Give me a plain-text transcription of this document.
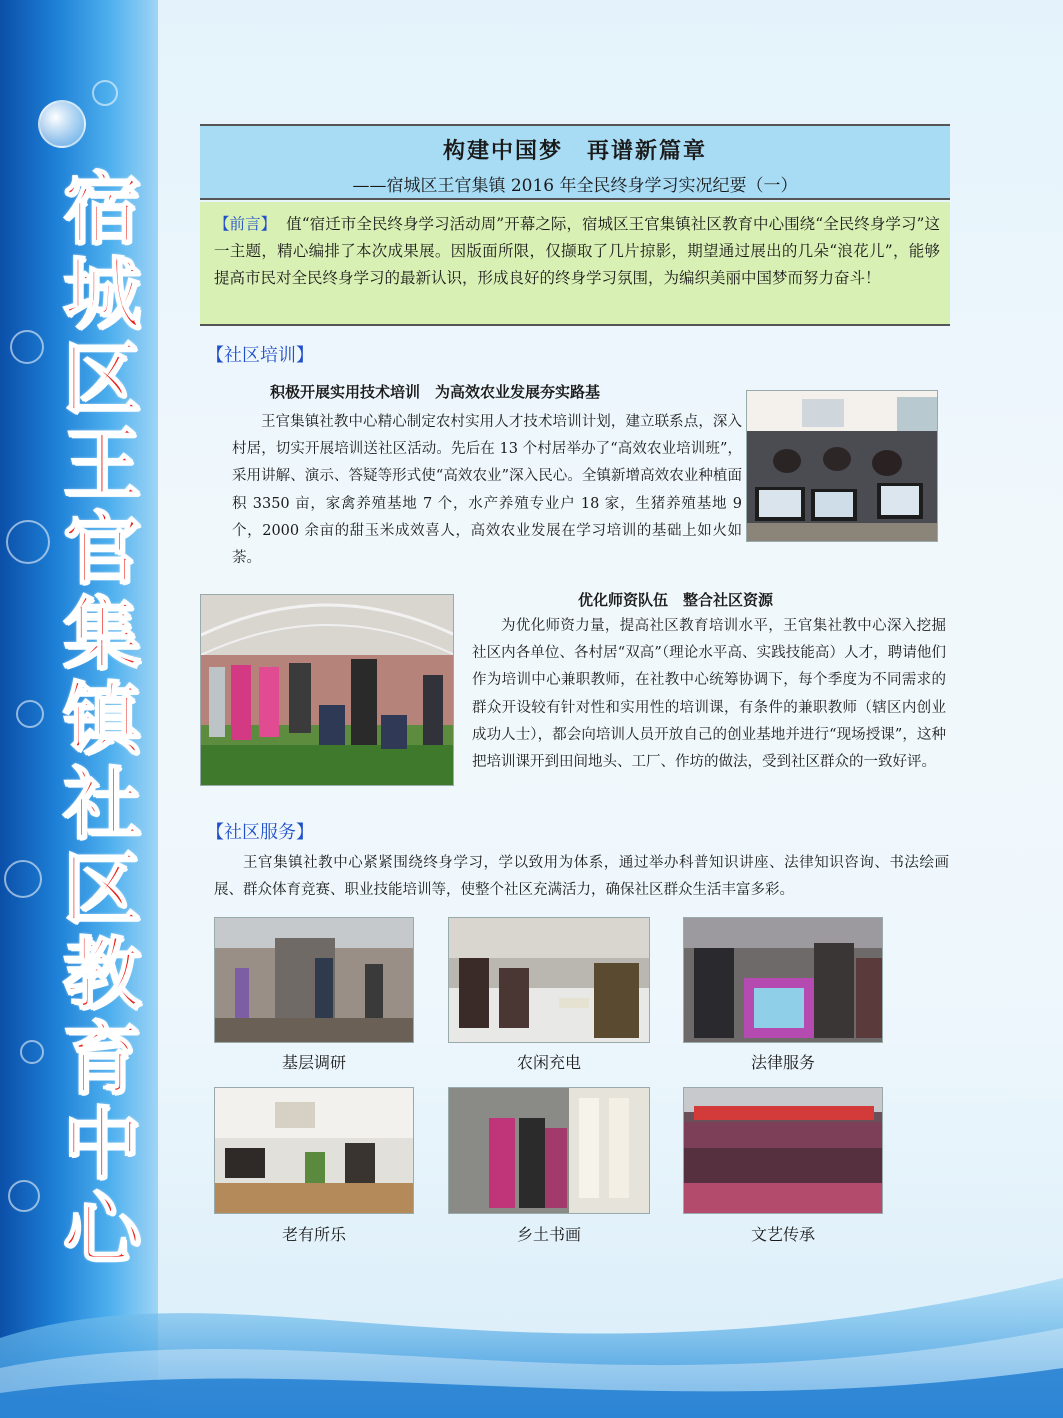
宿
城
区
王
官
集
镇
社
区
教
育
中
心
构建中国梦　再谱新篇章
——宿城区王官集镇 2016 年全民终身学习实况纪要（一）
【前言】 值“宿迁市全民终身学习活动周”开幕之际，宿城区王官集镇社区教育中心围绕“全民终身学习”这一主题，精心编排了本次成果展。因版面所限，仅撷取了几片掠影，期望通过展出的几朵“浪花儿”，能够提高市民对全民终身学习的最新认识，形成良好的终身学习氛围，为编织美丽中国梦而努力奋斗！
【社区培训】
积极开展实用技术培训　为高效农业发展夯实路基

王官集镇社教中心精心制定农村实用人才技术培训计划，建立联系点，深入村居，切实开展培训送社区活动。先后在 13 个村居举办了“高效农业培训班”，采用讲解、演示、答疑等形式使“高效农业”深入民心。全镇新增高效农业种植面积 3350 亩，家禽养殖基地 7 个，水产养殖专业户 18 家，生猪养殖基地 9 个，2000 余亩的甜玉米成效喜人，高效农业发展在学习培训的基础上如火如荼。

优化师资队伍　整合社区资源

为优化师资力量，提高社区教育培训水平，王官集社教中心深入挖掘社区内各单位、各村居“双高”（理论水平高、实践技能高）人才，聘请他们作为培训中心兼职教师，在社教中心统筹协调下，每个季度为不同需求的群众开设较有针对性和实用性的培训课，有条件的兼职教师（辖区内创业成功人士），都会向培训人员开放自己的创业基地并进行“现场授课”，这种把培训课开到田间地头、工厂、作坊的做法，受到社区群众的一致好评。

【社区服务】

王官集镇社教中心紧紧围绕终身学习，学以致用为体系，通过举办科普知识讲座、法律知识咨询、书法绘画展、群众体育竞赛、职业技能培训等，使整个社区充满活力，确保社区群众生活丰富多彩。

基层调研	农闲充电	法律服务
老有所乐	乡土书画	文艺传承
